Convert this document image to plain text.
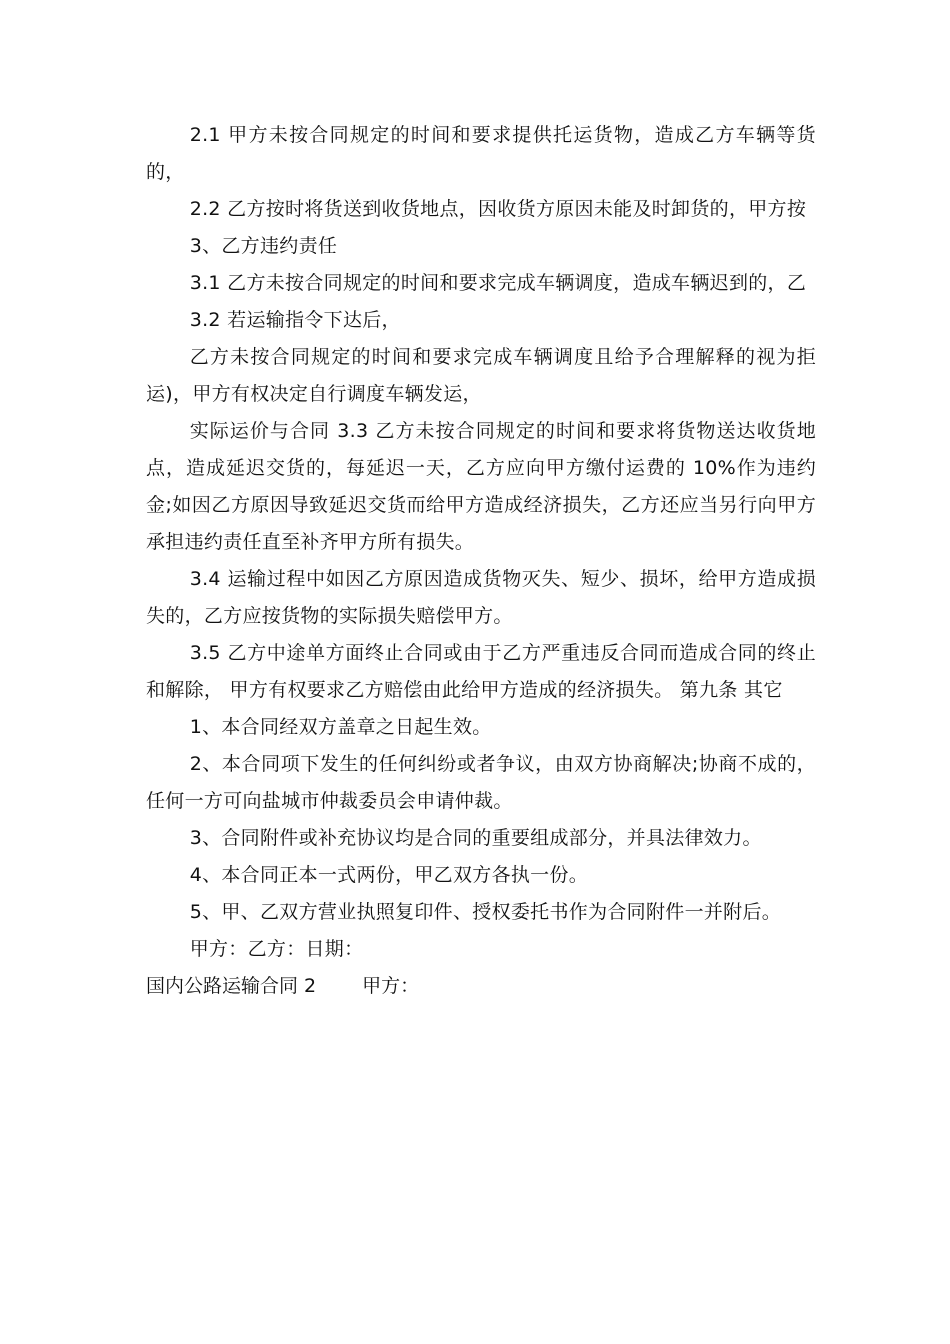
2.1 甲方未按合同规定的时间和要求提供托运货物，造成乙方车辆等货的，

2.2 乙方按时将货送到收货地点，因收货方原因未能及时卸货的，甲方按

3、乙方违约责任

3.1 乙方未按合同规定的时间和要求完成车辆调度，造成车辆迟到的，乙

3.2 若运输指令下达后，

乙方未按合同规定的时间和要求完成车辆调度且给予合理解释的视为拒运)，甲方有权决定自行调度车辆发运，

实际运价与合同 3.3 乙方未按合同规定的时间和要求将货物送达收货地点，造成延迟交货的，每延迟一天，乙方应向甲方缴付运费的 10%作为违约金;如因乙方原因导致延迟交货而给甲方造成经济损失，乙方还应当另行向甲方承担违约责任直至补齐甲方所有损失。

3.4 运输过程中如因乙方原因造成货物灭失、短少、损坏，给甲方造成损失的，乙方应按货物的实际损失赔偿甲方。

3.5 乙方中途单方面终止合同或由于乙方严重违反合同而造成合同的终止和解除， 甲方有权要求乙方赔偿由此给甲方造成的经济损失。 第九条 其它

1、本合同经双方盖章之日起生效。

2、本合同项下发生的任何纠纷或者争议，由双方协商解决;协商不成的， 任何一方可向盐城市仲裁委员会申请仲裁。

3、合同附件或补充协议均是合同的重要组成部分，并具法律效力。

4、本合同正本一式两份，甲乙双方各执一份。

5、甲、乙双方营业执照复印件、授权委托书作为合同附件一并附后。

甲方：乙方：日期：

国内公路运输合同 2 甲方：
